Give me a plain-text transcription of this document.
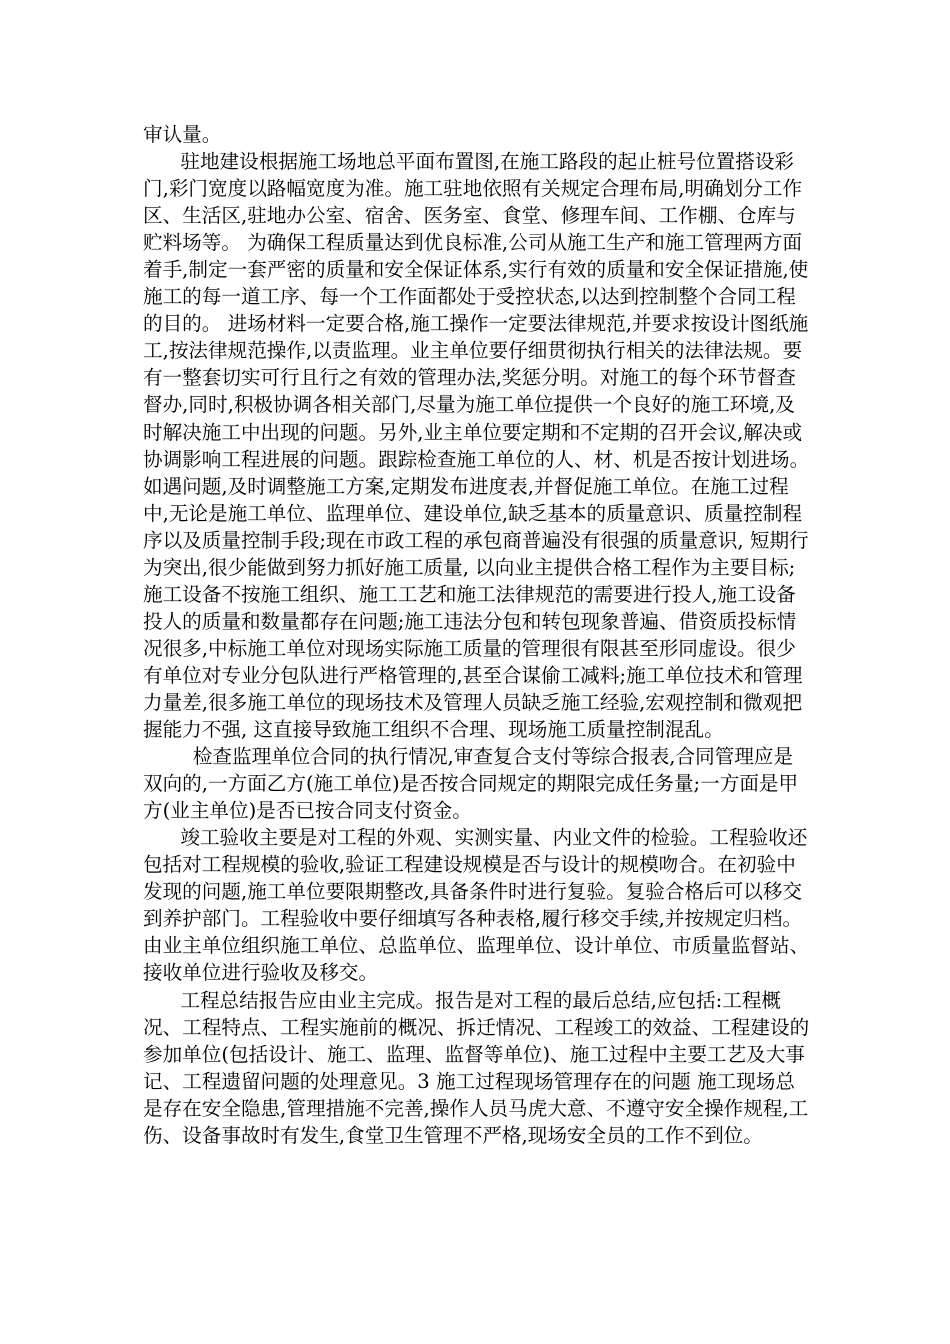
审认量。

驻地建设根据施工场地总平面布置图,在施工路段的起止桩号位置搭设彩门,彩门宽度以路幅宽度为准。施工驻地依照有关规定合理布局,明确划分工作区、生活区,驻地办公室、宿舍、医务室、食堂、修理车间、工作棚、仓库与贮料场等。 为确保工程质量达到优良标准,公司从施工生产和施工管理两方面着手,制定一套严密的质量和安全保证体系,实行有效的质量和安全保证措施,使施工的每一道工序、每一个工作面都处于受控状态,以达到控制整个合同工程的目的。 进场材料一定要合格,施工操作一定要法律规范,并要求按设计图纸施工,按法律规范操作,以责监理。业主单位要仔细贯彻执行相关的法律法规。要有一整套切实可行且行之有效的管理办法,奖惩分明。对施工的每个环节督查督办,同时,积极协调各相关部门,尽量为施工单位提供一个良好的施工环境,及时解决施工中出现的问题。另外,业主单位要定期和不定期的召开会议,解决或协调影响工程进展的问题。跟踪检查施工单位的人、材、机是否按计划进场。如遇问题,及时调整施工方案,定期发布进度表,并督促施工单位。在施工过程中,无论是施工单位、监理单位、建设单位,缺乏基本的质量意识、质量控制程序以及质量控制手段;现在市政工程的承包商普遍没有很强的质量意识, 短期行为突出,很少能做到努力抓好施工质量, 以向业主提供合格工程作为主要目标;施工设备不按施工组织、施工工艺和施工法律规范的需要进行投人,施工设备投人的质量和数量都存在问题;施工违法分包和转包现象普遍、借资质投标情况很多,中标施工单位对现场实际施工质量的管理很有限甚至形同虚设。很少有单位对专业分包队进行严格管理的,甚至合谋偷工减料;施工单位技术和管理力量差,很多施工单位的现场技术及管理人员缺乏施工经验,宏观控制和微观把握能力不强, 这直接导致施工组织不合理、现场施工质量控制混乱。

检查监理单位合同的执行情况,审查复合支付等综合报表,合同管理应是双向的,一方面乙方(施工单位)是否按合同规定的期限完成任务量;一方面是甲方(业主单位)是否已按合同支付资金。

竣工验收主要是对工程的外观、实测实量、内业文件的检验。工程验收还包括对工程规模的验收,验证工程建设规模是否与设计的规模吻合。在初验中发现的问题,施工单位要限期整改,具备条件时进行复验。复验合格后可以移交到养护部门。工程验收中要仔细填写各种表格,履行移交手续,并按规定归档。由业主单位组织施工单位、总监单位、监理单位、设计单位、市质量监督站、接收单位进行验收及移交。

工程总结报告应由业主完成。报告是对工程的最后总结,应包括:工程概况、工程特点、工程实施前的概况、拆迁情况、工程竣工的效益、工程建设的参加单位(包括设计、施工、监理、监督等单位)、施工过程中主要工艺及大事记、工程遗留问题的处理意见。3 施工过程现场管理存在的问题 施工现场总是存在安全隐患,管理措施不完善,操作人员马虎大意、不遵守安全操作规程,工伤、设备事故时有发生,食堂卫生管理不严格,现场安全员的工作不到位。
